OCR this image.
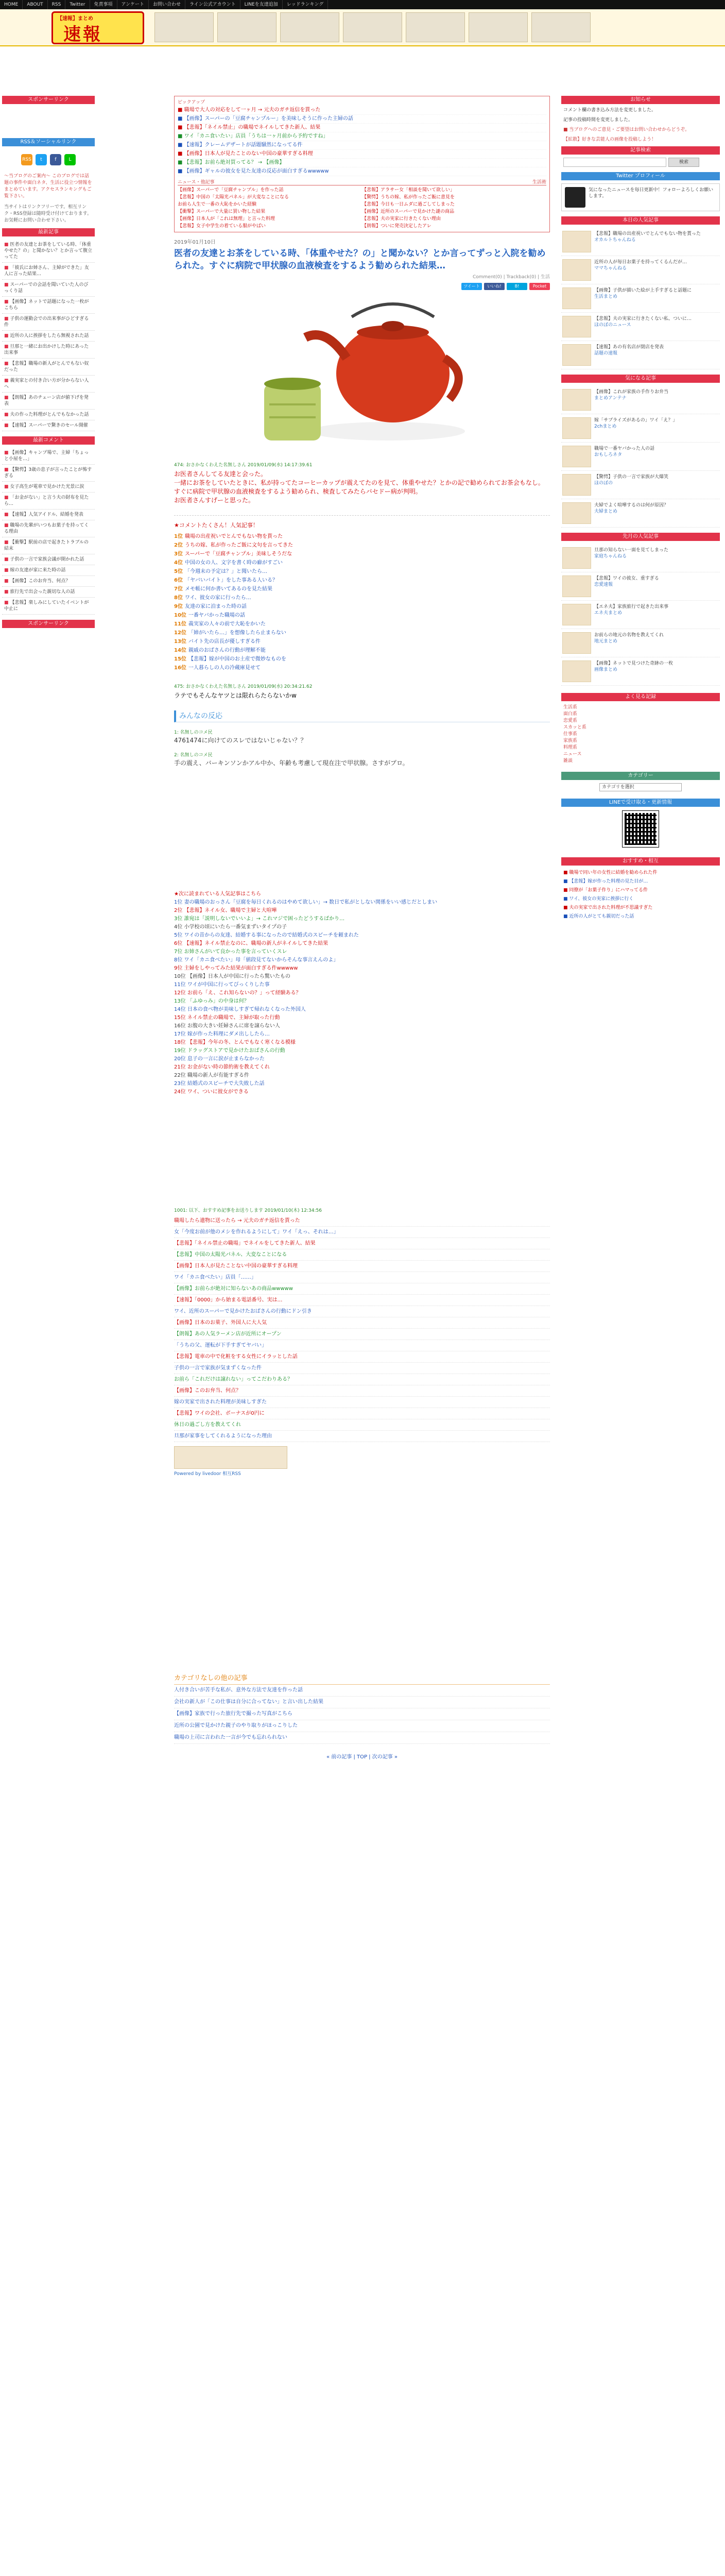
HOME	ABOUT	RSS	Twitter	免責事項	アンケート	お問い合わせ	ライン公式アカウント	LINEを友達追加	レッドランキング
【速報】まとめ
速報
スポンサーリンク
RSS＆ソーシャルリンク
RSS	t	f	L

〜当ブログのご案内〜 このブログでは話題の事件や面白ネタ、生活に役立つ情報をまとめています。アクセスランキングもご覧下さい。

当サイトはリンクフリーです。相互リンク・RSS登録は随時受け付けております。お気軽にお問い合わせ下さい。

最新記事
■ 医者の友達とお茶をしている時、「体重やせた？の」と聞かない？とか言って腹立ってた
■ 「彼氏にお姉さん、主婦ができた」友人に言った結果…
■ スーパーでの会話を聞いていた人のびっくり話
■ 【画像】ネットで話題になった一枚がこちら
■ 子供の運動会での出来事がひどすぎる件
■ 近所の人に挨拶をしたら無視された話
■ 旦那と一緒にお出かけした時にあった出来事
■ 【悲報】職場の新人がとんでもない奴だった
■ 義実家との付き合い方が分からない人へ
■ 【朗報】あのチェーン店が値下げを発表
■ 夫の作った料理がとんでもなかった話
■ 【速報】スーパーで驚きのセール開催
最新コメント
■ 【画像】キャンプ場で、主婦「ちょっと小屋を…」
■ 【驚愕】3歳の息子が言ったことが怖すぎる
■ 女子高生が電車で見かけた光景に涙
■ 「お金がない」と言う夫の財布を見たら…
■ 【速報】人気アイドル、結婚を発表
■ 職場の先輩がいつもお菓子を持ってくる理由
■ 【衝撃】駅前の店で起きたトラブルの結末
■ 子供の一言で家族会議が開かれた話
■ 嫁の友達が家に来た時の話
■ 【画像】このお弁当、何点？
■ 旅行先で出会った親切な人の話
■ 【悲報】楽しみにしていたイベントが中止に
スポンサーリンク
ピックアップ
■ 職場で大人の対応をして一ヶ月 → 元夫のガチ返信を貰った
■ 【画像】スーパーの「豆腐チャンプルー」を美味しそうに作った主婦の話
■ 【悲報】「ネイル禁止」の職場でネイルしてきた新人、結果
■ ワイ「カニ食いたい」店員「うちは一ヶ月前から予約ですね」
■ 【速報】クレームデザートが話題騒然になってる件
■ 【画像】日本人が見たことのない中国の豪華すぎる料理
■ 【悲報】お前ら絶対買ってる？ → 【画像】
■ 【画像】ギャルの彼女を見た友達の反応が面白すぎるwwwww
ニュース・他記事	生活術
【画像】スーパーで「豆腐チャンプル」を作った話	【悲報】アラサー女「相談を聞いて欲しい」
【悲報】中国の「太陽光パネル」が大変なことになる	【驚愕】うちの嫁、私が作ったご飯に意見を
お前ら人生で一番の大恥をかいた経験	【悲報】今日も一日ムダに過ごしてしまった
【衝撃】スーパーで大量に買い物した結果	【画像】近所のスーパーで見かけた謎の商品
【画像】日本人が「これは無理」と言った料理	【悲報】夫の実家に行きたくない理由
【悲報】女子中学生の着ている服がやばい	【朗報】ついに発売決定したアレ
2019年01月10日
医者の友達とお茶をしている時、「体重やせた？の」と聞かない？とか言ってずっと入院を勧められた。すぐに病院で甲状腺の血液検査をするよう勧められた結果…
Comment(0) | Trackback(0) | 生活
ツイート	いいね!	B!	Pocket
474: おさかなくわえた名無しさん 2019/01/09(水) 14:17:39.61

お医者さんしてる友達と会った。

一緒にお茶をしていたときに、私が持ってたコーヒーカップが震えてたのを見て、体重やせた？とかの記で勧められてお茶会もなし。

すぐに病院で甲状腺の血液検査をするよう勧められ、検査してみたらバセドー病が判明。

お医者さんすげーと思った。

★コメントたくさん！人気記事！
1位 職場の出産祝いでとんでもない物を貰った
2位 うちの嫁、私が作ったご飯に文句を言ってきた
3位 スーパーで「豆腐チャンプル」美味しそうだな
4位 中国の女の人、文字を書く時の癖がすごい
5位 「今週末の予定は？」と聞いたら…
6位 「ヤバいバイト」をした事ある人いる？
7位 メモ帳に何か書いてあるのを見た結果
8位 ワイ、彼女の家に行ったら…
9位 友達の家に泊まった時の話
10位 一番ヤバかった職場の話
11位 義実家の人々の前で大恥をかいた
12位 「姉がいたら…」を想像したら止まらない
13位 バイト先の店長が優しすぎる件
14位 親戚のおばさんの行動が理解不能
15位 【悲報】嫁が中国のお土産で微妙なものを
16位 一人暮らしの人の冷蔵庫見せて
475: おさかなくわえた名無しさん 2019/01/09(水) 20:34:21.62
ラテでもそんなヤツとは限れらたらないかw
みんなの反応
1: 名無しのコメ民
4761474に向けてのスレではないじゃない？？
2: 名無しのコメ民
手の震え、バーキンソンかアル中か、年齢も考慮して現在注で甲状腺。さすがプロ。
★次に読まれている人気記事はこちら
1位 妻の職場のおっさん「豆腐を毎日くれるのはやめて欲しい」→ 数日で私がとしない関係をいい感じだとしまい
2位 【悲報】ネイル女、職場で主婦と大喧嘩
3位 誰宛は「説明しないでいいよ」→ これマジで困ったどうするばかり…
4位 小学校の頃にいたら一番気まずいタイプの子
5位 ワイの昔からの友達、結婚する事になったので結婚式のスピーチを頼まれた
6位 【速報】ネイル禁止なのに、職場の新人がネイルしてきた結果
7位 お姉さんがいて良かった事を言っていくスレ
8位 ワイ「カニ食べたい」母「値段見てないからそんな事言えんのよ」
9位 主婦をしやってみた結果が面白すぎる件wwwww
10位 【画像】日本人が中国に行ったら驚いたもの
11位 ワイが中国に行ってびっくりした事
12位 お前ら「え、これ知らないの？」って経験ある？
13位 「ふゆっみ」の中身は何？
14位 日本の食べ物が美味しすぎて帰れなくなった外国人
15位 ネイル禁止の職場で、主婦が取った行動
16位 お腹の大きい妊婦さんに席を譲らない人
17位 嫁が作った料理にダメ出ししたら…
18位 【悲報】今年の冬、とんでもなく寒くなる模様
19位 ドラッグストアで見かけたおばさんの行動
20位 息子の一言に涙が止まらなかった
21位 お金がない時の節約術を教えてくれ
22位 職場の新人が有能すぎる件
23位 結婚式のスピーチで大失敗した話
24位 ワイ、ついに彼女ができる
1001: 以下、おすすめ記事をお送りします 2019/01/10(木) 12:34:56
職場したら遺物に送ったら → 元夫のガチ返信を貰った
女「今度お前が他のメシを作れるようにして」ワイ「えっ、それは…」
【悲報】「ネイル禁止の職場」でネイルをしてきた新人、結果
【悲報】中国の太陽光パネル、大変なことになる
【画像】日本人が見たことない中国の豪華すぎる料理
ワイ「カニ食べたい」店員「……」
【画像】お前らが絶対に知らないあの商品wwwww
【速報】「0000」から始まる電話番号、実は…
ワイ、近所のスーパーで見かけたおばさんの行動にドン引き
【画像】日本のお菓子、外国人に大人気
【朗報】あの人気ラーメン店が近所にオープン
「うちの父、運転が下手すぎてヤバい」
【悲報】電車の中で化粧をする女性にイラッとした話
子供の一言で家族が気まずくなった件
お前ら「これだけは譲れない」ってこだわりある？
【画像】このお弁当、何点？
嫁の実家で出された料理が美味しすぎた
【悲報】ワイの会社、ボーナスが0円に
休日の過ごし方を教えてくれ
旦那が家事をしてくれるようになった理由
Powered by livedoor 相互RSS
カテゴリなしの他の記事
人付き合いが苦手な私が、意外な方法で友達を作った話
会社の新人が「この仕事は自分に合ってない」と言い出した結果
【画像】家族で行った旅行先で撮った写真がこちら
近所の公園で見かけた親子のやり取りがほっこりした
職場の上司に言われた一言が今でも忘れられない
« 前の記事 | TOP | 次の記事 »
お知らせ

コメント欄の書き込み方法を変更しました。

記事の投稿時間を変更しました。

■ 当ブログへのご意見・ご要望はお問い合わせからどうぞ。

【拡散】好きな芸能人の画像を投稿しよう！

記事検索
検索
Twitter プロフィール
気になったニュースを毎日更新中！フォローよろしくお願いします。
本日の人気記事
【悲報】職場の出産祝いでとんでもない物を貰った
オカルトちゃんねる
近所の人が毎日お菓子を持ってくるんだが…
ママちゃんねる
【画像】子供が描いた絵が上手すぎると話題に
生活まとめ
【悲報】夫の実家に行きたくない私、ついに…
ほのぼのニュース
【速報】あの有名店が閉店を発表
話題の速報
気になる記事
【画像】これが家族の手作りお弁当
まとめアンテナ
嫁「サプライズがあるの」ワイ「え？」
2chまとめ
職場で一番ヤバかった人の話
おもしろネタ
【驚愕】子供の一言で家族が大爆笑
ほのぼの
夫婦でよく喧嘩するのは何が原因？
夫婦まとめ
先月の人気記事
旦那の知らない一面を見てしまった
家庭ちゃんねる
【悲報】ワイの彼女、重すぎる
恋愛速報
【エネ夫】家族旅行で起きた出来事
エネ夫まとめ
お前らの地元の名物を教えてくれ
地元まとめ
【画像】ネットで見つけた奇跡の一枚
画像まとめ
よく見る記録
生活系
面白系
恋愛系
スカッと系
仕事系
家族系
料理系
ニュース
雑談
カテゴリー
カテゴリを選択
LINEで受け取る・更新情報
おすすめ・相互
■ 職場で同い年の女性に結婚を勧められた件
■ 【悲報】嫁が作った料理の見た目が…
■ 同僚が「お菓子作り」にハマってる件
■ ワイ、彼女の実家に挨拶に行く
■ 夫の実家で出された料理が不思議すぎた
■ 近所の人がとても親切だった話
